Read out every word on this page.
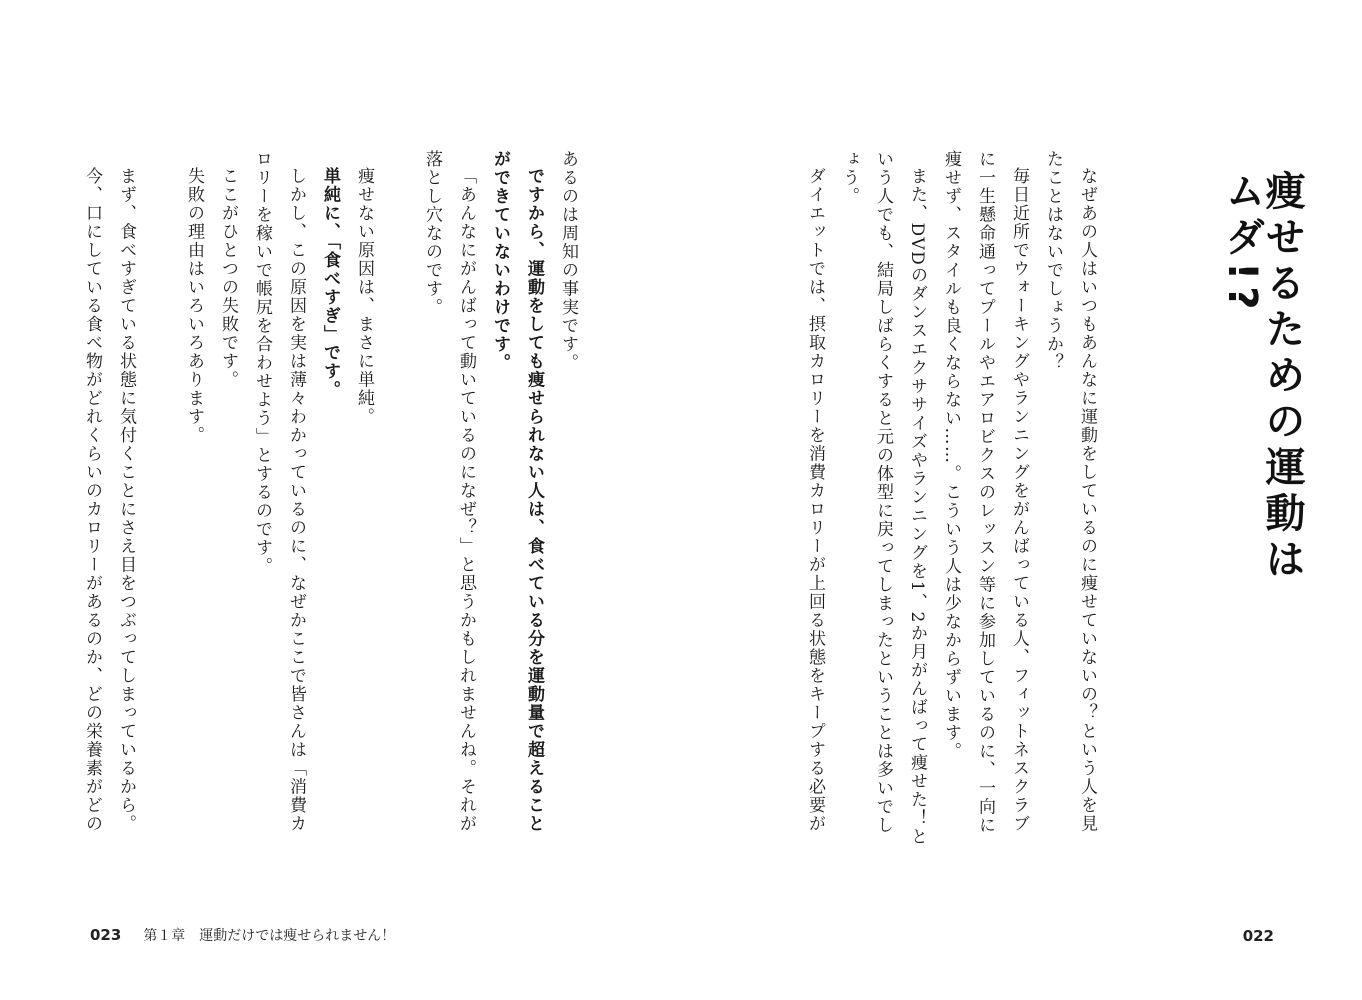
痩せるための運動はムダ!?

なぜあの人はいつもあんなに運動をしているのに痩せていないの？という人を見たことはないでしょうか？

毎日近所でウォーキングやランニングをがんばっている人、フィットネスクラブに一生懸命通ってプールやエアロビクスのレッスン等に参加しているのに、一向に痩せず、スタイルも良くならない……。こういう人は少なからずいます。

また、DVDのダンスエクササイズやランニングを1、2か月がんばって痩せた！という人でも、結局しばらくすると元の体型に戻ってしまったということは多いでしょう。

ダイエットでは、摂取カロリーを消費カロリーが上回る状態をキープする必要が

022

あるのは周知の事実です。

ですから、運動をしても痩せられない人は、食べている分を運動量で超えることができていないわけです。

「あんなにがんばって動いているのになぜ？」と思うかもしれませんね。それが落とし穴なのです。

痩せない原因は、まさに単純。

単純に、「食べすぎ」です。

しかし、この原因を実は薄々わかっているのに、なぜかここで皆さんは「消費カロリーを稼いで帳尻を合わせよう」とするのです。

ここがひとつの失敗です。

失敗の理由はいろいろあります。

まず、食べすぎている状態に気付くことにさえ目をつぶってしまっているから。

今、口にしている食べ物がどれくらいのカロリーがあるのか、どの栄養素がどの

023 第１章　運動だけでは痩せられません！
